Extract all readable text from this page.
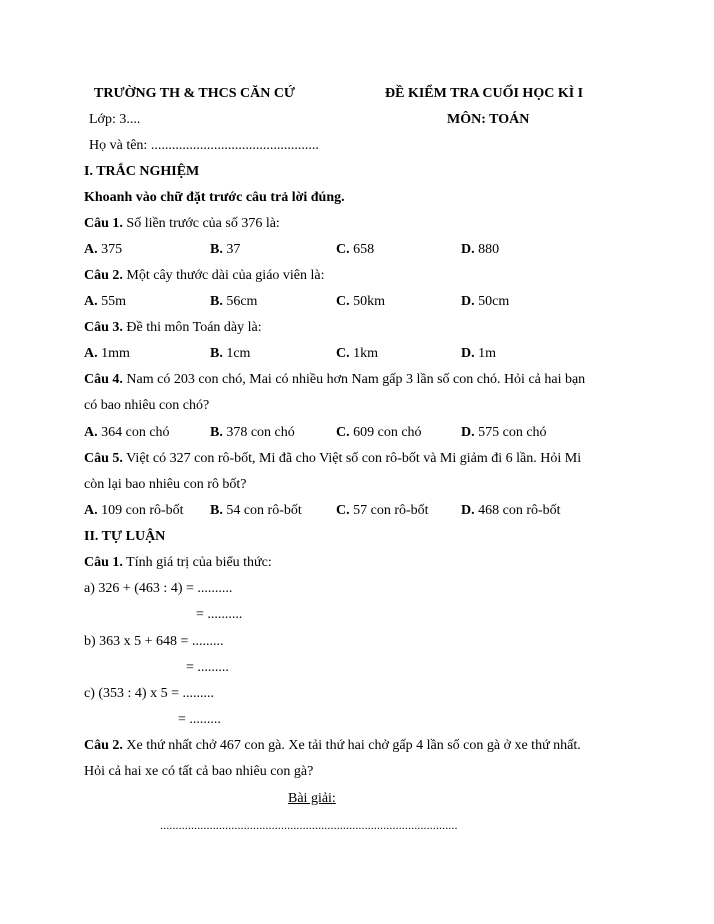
TRƯỜNG TH & THCS CĂN CỨ	ĐỀ KIỂM TRA CUỐI HỌC KÌ I
Lớp: 3....	MÔN: TOÁN
Họ và tên: ................................................
I. TRẮC NGHIỆM
Khoanh vào chữ đặt trước câu trả lời đúng.
Câu 1. Số liền trước của số 376 là:
A. 375	B. 37	C. 658	D. 880
Câu 2. Một cây thước dài của giáo viên là:
A. 55m	B. 56cm	C. 50km	D. 50cm
Câu 3. Đề thi môn Toán dày là:
A. 1mm	B. 1cm	C. 1km	D. 1m
Câu 4. Nam có 203 con chó, Mai có nhiều hơn Nam gấp 3 lần số con chó. Hỏi cả hai bạn
có bao nhiêu con chó?
A. 364 con chó	B. 378 con chó	C. 609 con chó	D. 575 con chó
Câu 5. Việt có 327 con rô-bốt, Mi đã cho Việt số con rô-bốt và Mi giảm đi 6 lần. Hỏi Mi
còn lại bao nhiêu con rô bốt?
A. 109 con rô-bốt B. 54 con rô-bốt C. 57 con rô-bốt D. 468 con rô-bốt
II. TỰ LUẬN
Câu 1. Tính giá trị của biểu thức:
a) 326 + (463 : 4) = ..........
= ..........
b) 363 x 5 + 648 = .........
= .........
c) (353 : 4) x 5 = .........
= .........
Câu 2. Xe thứ nhất chở 467 con gà. Xe tải thứ hai chở gấp 4 lần số con gà ở xe thứ nhất.
Hỏi cả hai xe có tất cả bao nhiêu con gà?
Bài giải:
................................................................................................
